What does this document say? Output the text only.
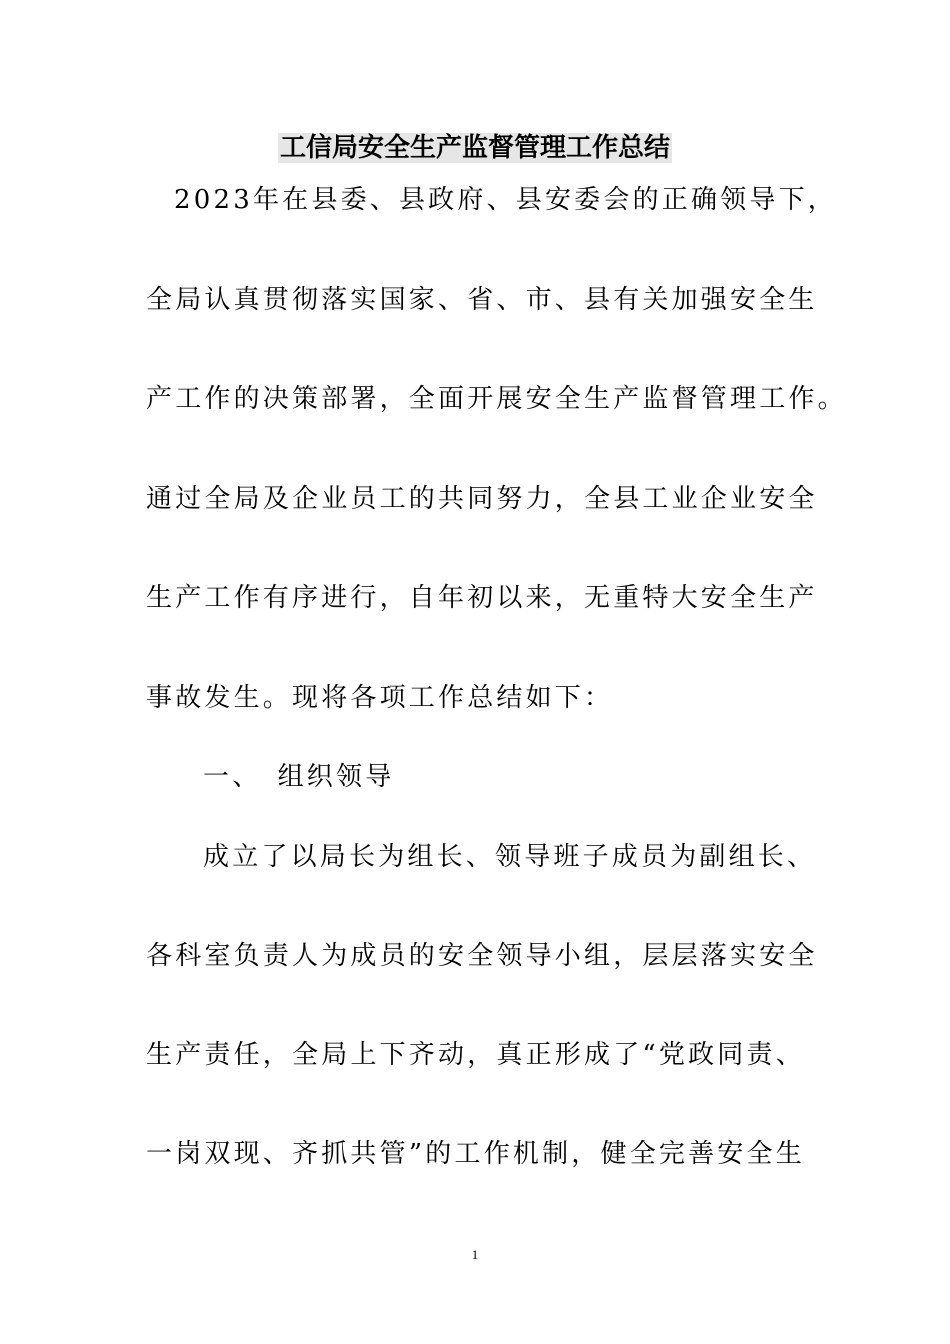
工信局安全生产监督管理工作总结
2023年在县委、县政府、县安委会的正确领导下，
全局认真贯彻落实国家、省、市、县有关加强安全生
产工作的决策部署，全面开展安全生产监督管理工作。
通过全局及企业员工的共同努力，全县工业企业安全
生产工作有序进行，自年初以来，无重特大安全生产
事故发生。现将各项工作总结如下：
一、　组织领导
成立了以局长为组长、领导班子成员为副组长、
各科室负责人为成员的安全领导小组，层层落实安全
生产责任，全局上下齐动，真正形成了“党政同责、
一岗双现、齐抓共管”的工作机制，健全完善安全生
1
